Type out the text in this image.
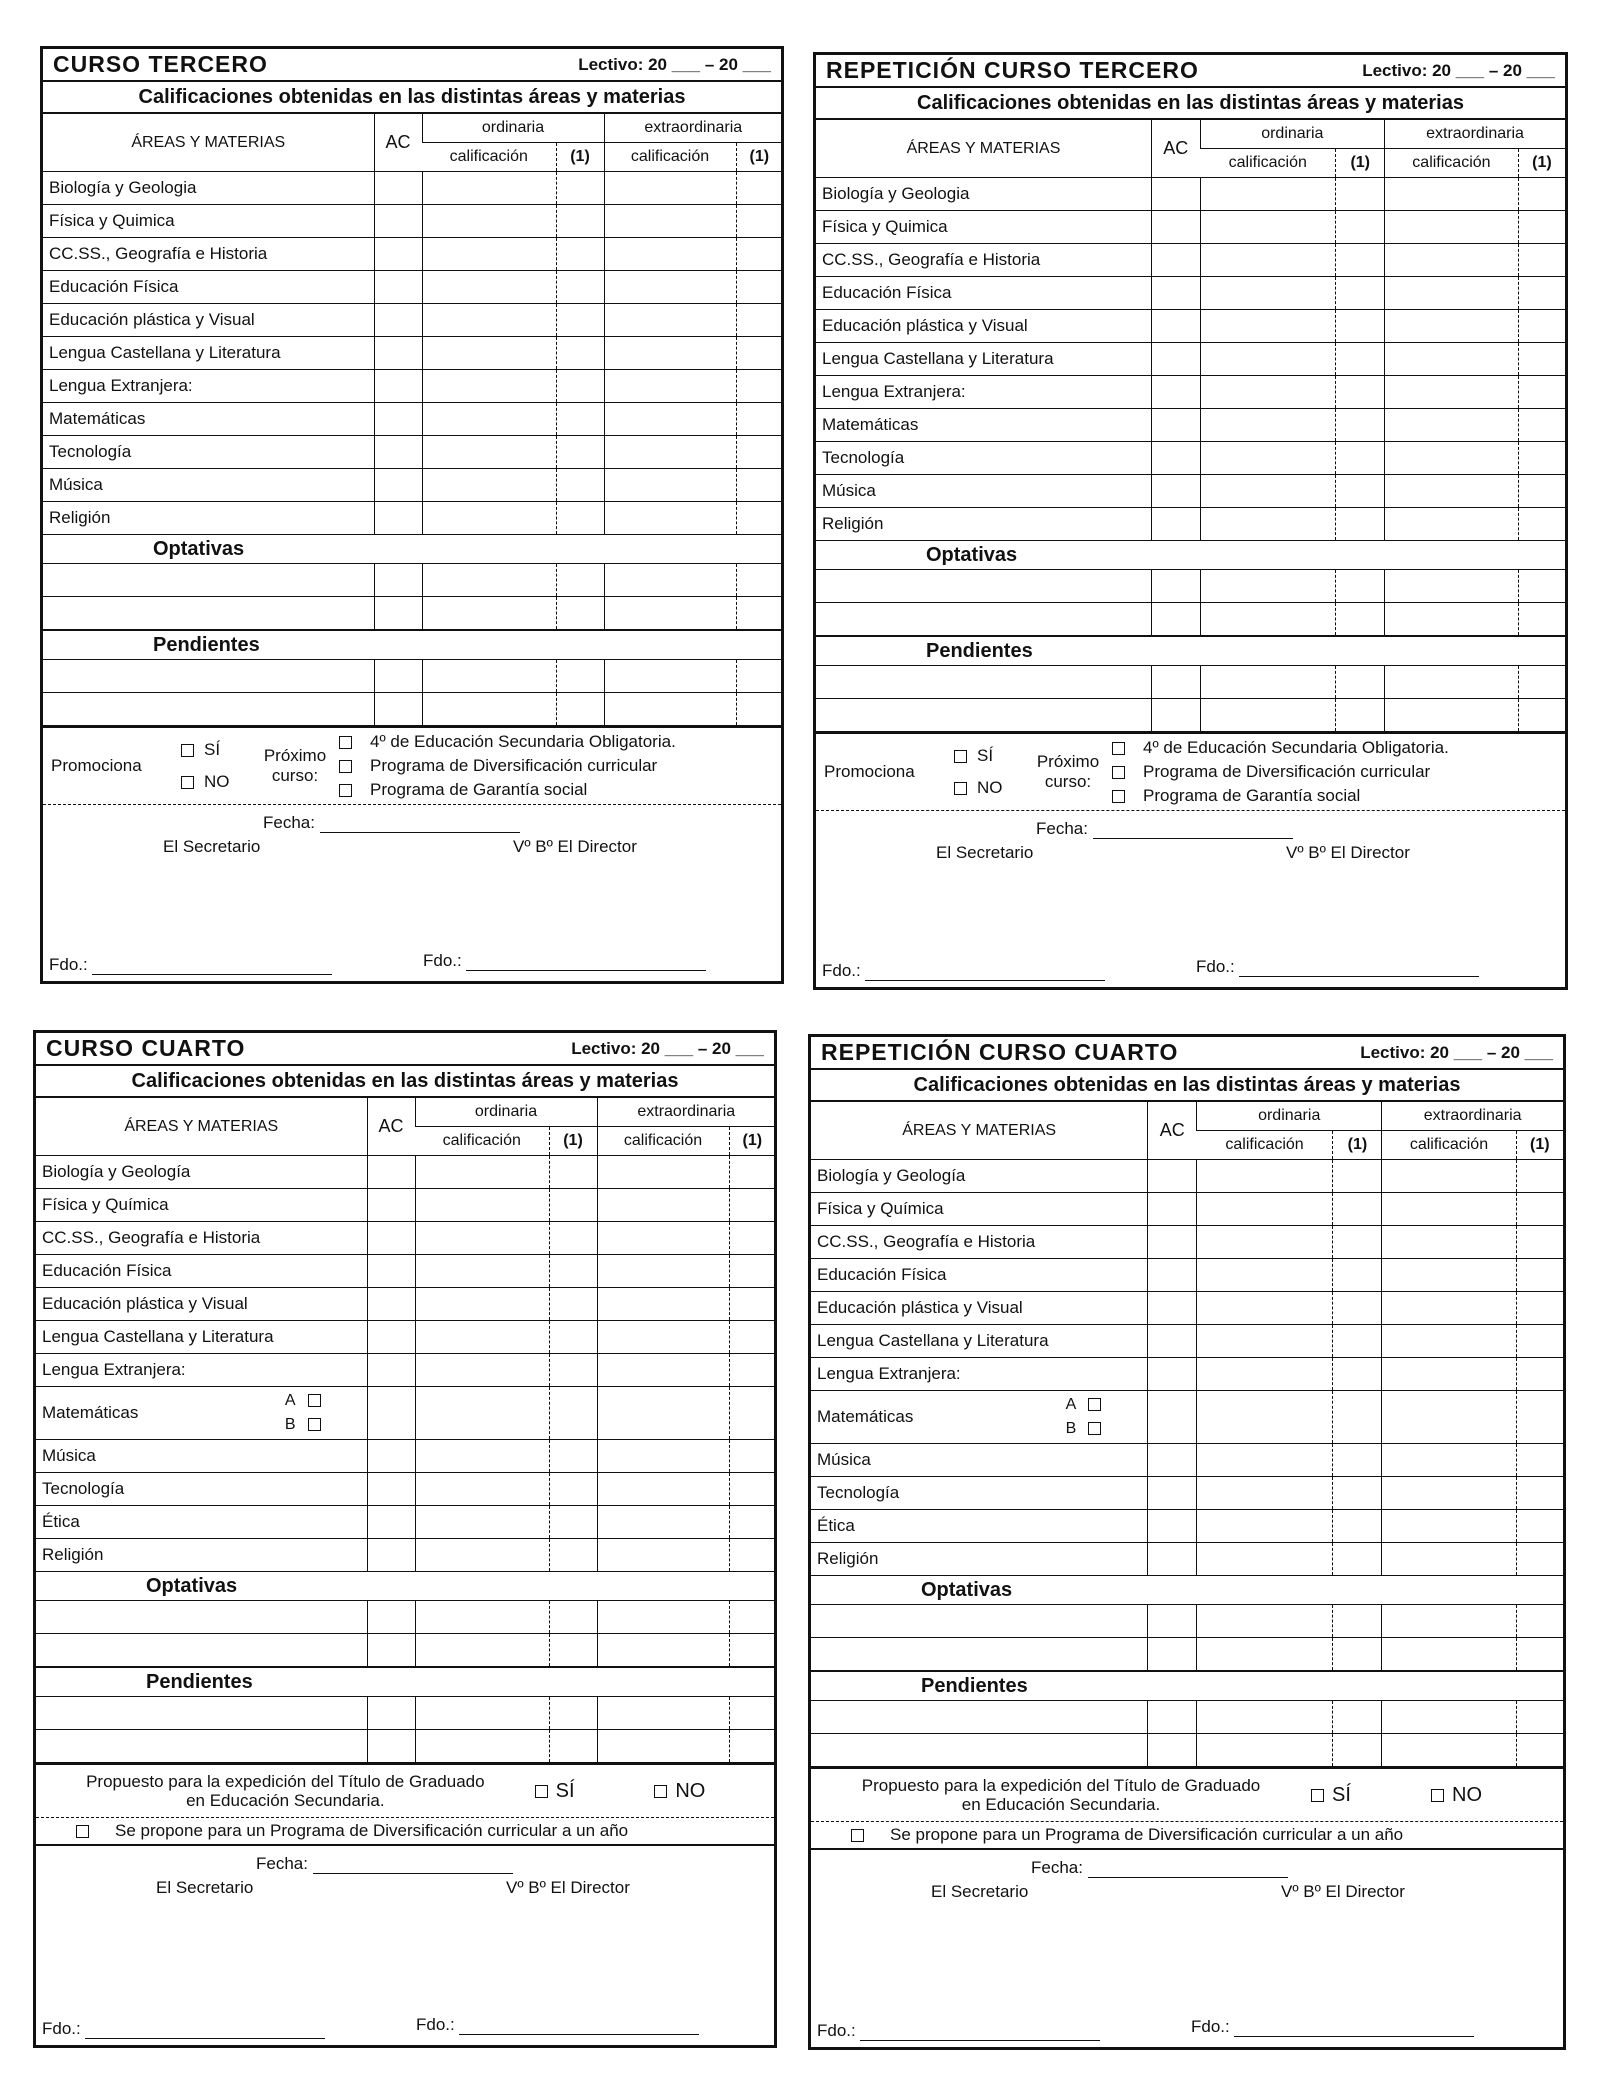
CURSO TERCERO	Lectivo: 20 ___ – 20 ___
Calificaciones obtenidas en las distintas áreas y materias
ÁREAS Y MATERIAS	AC	ordinaria		extraordinaria	
		calificación	(1)	calificación	(1)
Biología y Geologia					
Física y Quimica					
CC.SS., Geografía e Historia					
Educación Física					
Educación plástica y Visual					
Lengua Castellana y Literatura					
Lengua Extranjera:					
Matemáticas					
Tecnología					
Música					
Religión					
Optativas					

Pendientes					

Promociona
SÍ
NO
Próximo curso:
4º de Educación Secundaria Obligatoria.
Programa de Diversificación curricular
Programa de Garantía social
Fecha:
El Secretario	Vº Bº El Director
Fdo.:	Fdo.:
REPETICIÓN CURSO TERCERO	Lectivo: 20 ___ – 20 ___
Calificaciones obtenidas en las distintas áreas y materias
ÁREAS Y MATERIAS	AC	ordinaria		extraordinaria	
		calificación	(1)	calificación	(1)
Biología y Geologia					
Física y Quimica					
CC.SS., Geografía e Historia					
Educación Física					
Educación plástica y Visual					
Lengua Castellana y Literatura					
Lengua Extranjera:					
Matemáticas					
Tecnología					
Música					
Religión					
Optativas					

Pendientes					

Promociona
SÍ
NO
Próximo curso:
4º de Educación Secundaria Obligatoria.
Programa de Diversificación curricular
Programa de Garantía social
Fecha:
El Secretario	Vº Bº El Director
Fdo.:	Fdo.:
CURSO CUARTO	Lectivo: 20 ___ – 20 ___
Calificaciones obtenidas en las distintas áreas y materias
ÁREAS Y MATERIAS	AC	ordinaria		extraordinaria	
		calificación	(1)	calificación	(1)
Biología y Geología					
Física y Química					
CC.SS., Geografía e Historia					
Educación Física					
Educación plástica y Visual					
Lengua Castellana y Literatura					
Lengua Extranjera:					

Matemáticas
A
B					

Música					
Tecnología					
Ética					
Religión					
Optativas					

Pendientes					

Propuesto para la expedición del Título de Graduado
en Educación Secundaria.	SÍ	NO
Se propone para un Programa de Diversificación curricular a un año
Fecha:
El Secretario	Vº Bº El Director
Fdo.:	Fdo.:
REPETICIÓN CURSO CUARTO	Lectivo: 20 ___ – 20 ___
Calificaciones obtenidas en las distintas áreas y materias
ÁREAS Y MATERIAS	AC	ordinaria		extraordinaria	
		calificación	(1)	calificación	(1)
Biología y Geología					
Física y Química					
CC.SS., Geografía e Historia					
Educación Física					
Educación plástica y Visual					
Lengua Castellana y Literatura					
Lengua Extranjera:					

Matemáticas
A
B					

Música					
Tecnología					
Ética					
Religión					
Optativas					

Pendientes					

Propuesto para la expedición del Título de Graduado
en Educación Secundaria.	SÍ	NO
Se propone para un Programa de Diversificación curricular a un año
Fecha:
El Secretario	Vº Bº El Director
Fdo.:	Fdo.:
